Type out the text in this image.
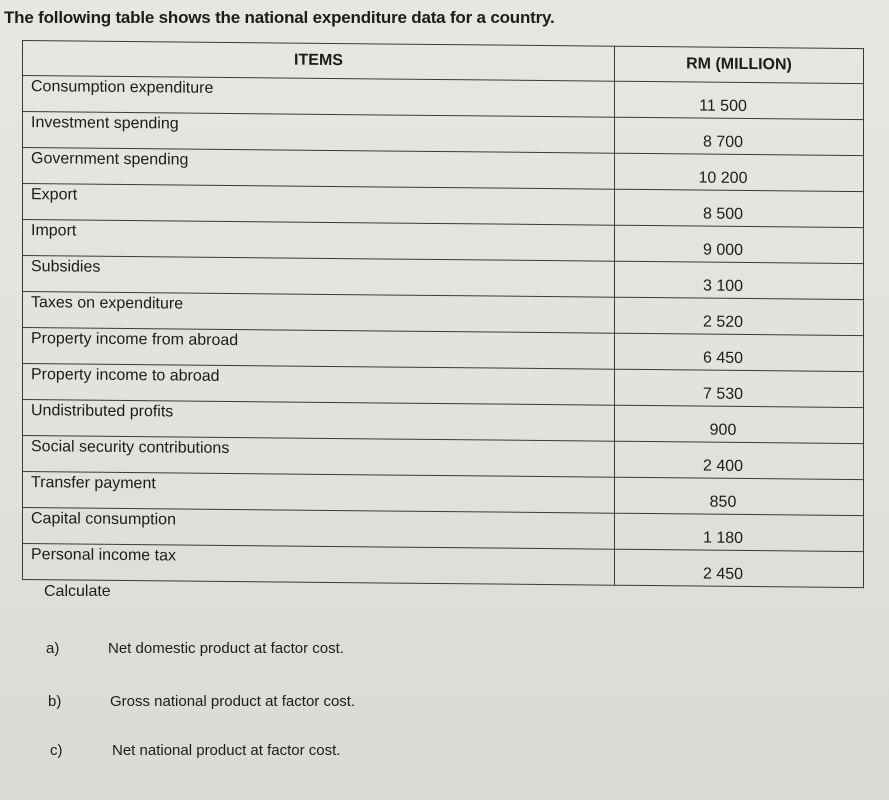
The following table shows the national expenditure data for a country.
ITEMS	RM (MILLION)
Consumption expenditure	11 500
Investment spending	8 700
Government spending	10 200
Export	8 500
Import	9 000
Subsidies	3 100
Taxes on expenditure	2 520
Property income from abroad	6 450
Property income to abroad	7 530
Undistributed profits	900
Social security contributions	2 400
Transfer payment	850
Capital consumption	1 180
Personal income tax	2 450
Calculate
a)	Net domestic product at factor cost.
b)	Gross national product at factor cost.
c)	Net national product at factor cost.
